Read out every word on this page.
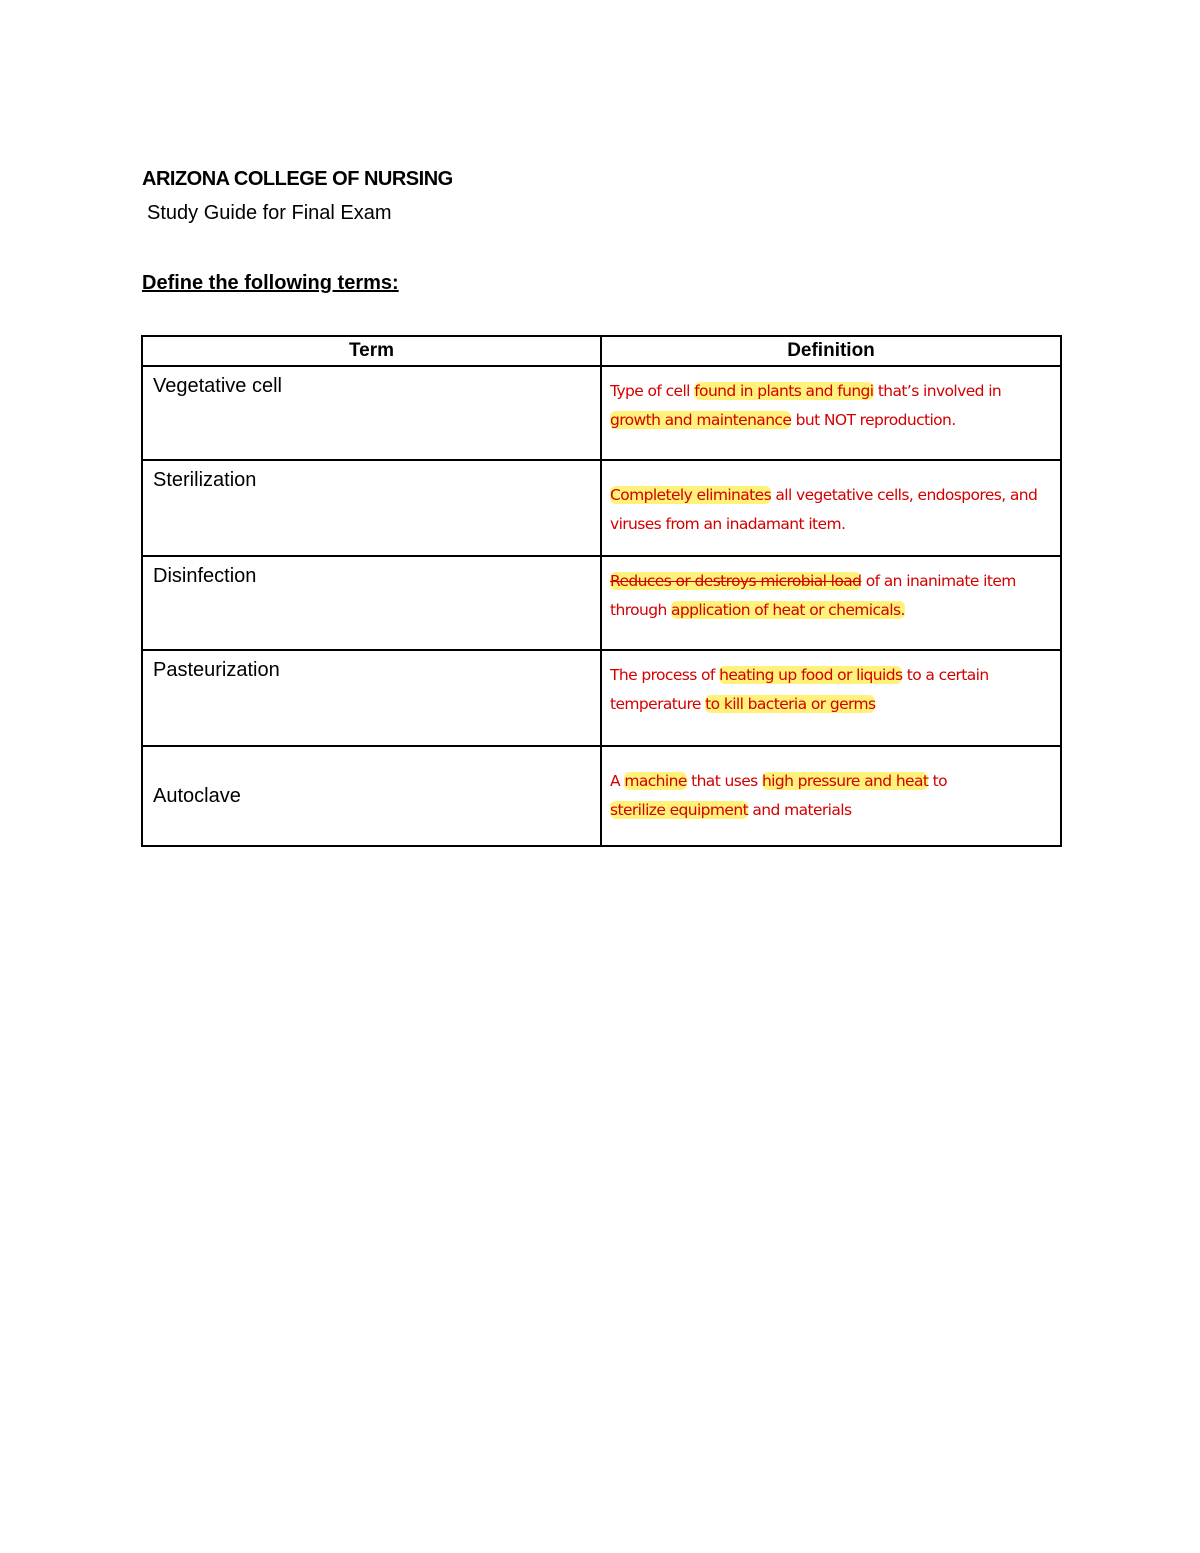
ARIZONA COLLEGE OF NURSING
Study Guide for Final Exam
Define the following terms:
Term	Definition
Vegetative cell	Type of cell found in plants and fungi that’s involved in
growth and maintenance but NOT reproduction.

Sterilization	Completely eliminates all vegetative cells, endospores, and viruses from an inadamant item.

Disinfection	Reduces or destroys microbial load of an inanimate item through application of heat or chemicals.

Pasteurization	The process of heating up food or liquids to a certain temperature to kill bacteria or germs

Autoclave	A machine that uses high pressure and heat to
sterilize equipment and materials
